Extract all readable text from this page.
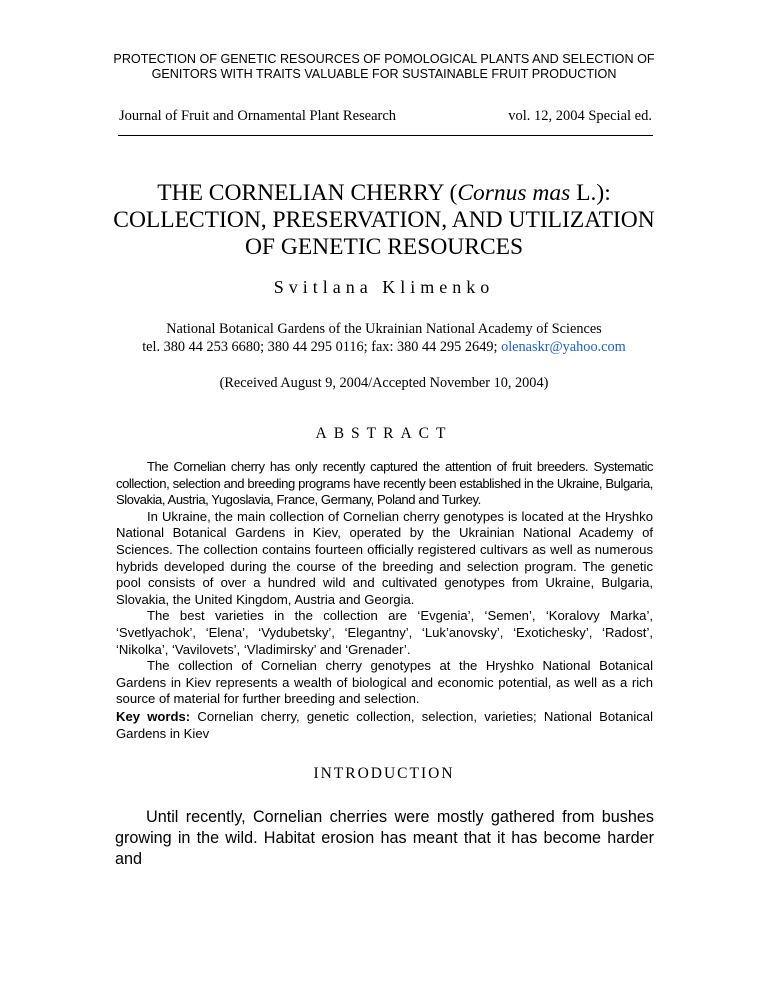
PROTECTION OF GENETIC RESOURCES OF POMOLOGICAL PLANTS AND SELECTION OF GENITORS WITH TRAITS VALUABLE FOR SUSTAINABLE FRUIT PRODUCTION
Journal of Fruit and Ornamental Plant Research	vol. 12, 2004 Special ed.
THE CORNELIAN CHERRY (Cornus mas L.):
COLLECTION, PRESERVATION, AND UTILIZATION
OF GENETIC RESOURCES
Svitlana Klimenko
National Botanical Gardens of the Ukrainian National Academy of Sciences
tel. 380 44 253 6680; 380 44 295 0116; fax: 380 44 295 2649; olenaskr@yahoo.com
(Received August 9, 2004/Accepted November 10, 2004)
ABSTRACT

The Cornelian cherry has only recently captured the attention of fruit breeders. Systematic collection, selection and breeding programs have recently been established in the Ukraine, Bulgaria, Slovakia, Austria, Yugoslavia, France, Germany, Poland and Turkey.

In Ukraine, the main collection of Cornelian cherry genotypes is located at the Hryshko National Botanical Gardens in Kiev, operated by the Ukrainian National Academy of Sciences. The collection contains fourteen officially registered cultivars as well as numerous hybrids developed during the course of the breeding and selection program. The genetic pool consists of over a hundred wild and cultivated genotypes from Ukraine, Bulgaria, Slovakia, the United Kingdom, Austria and Georgia.

The best varieties in the collection are ‘Evgenia’, ‘Semen’, ‘Koralovy Marka’, ‘Svetlyachok’, ‘Elena’, ‘Vydubetsky’, ‘Elegantny’, ‘Luk’anovsky’, ‘Exotichesky’, ‘Radost’, ‘Nikolka’, ‘Vavilovets’, ‘Vladimirsky’ and ‘Grenader’.

The collection of Cornelian cherry genotypes at the Hryshko National Botanical Gardens in Kiev represents a wealth of biological and economic potential, as well as a rich source of material for further breeding and selection.

Key words: Cornelian cherry, genetic collection, selection, varieties; National Botanical Gardens in Kiev
INTRODUCTION

Until recently, Cornelian cherries were mostly gathered from bushes growing in the wild. Habitat erosion has meant that it has become harder and
